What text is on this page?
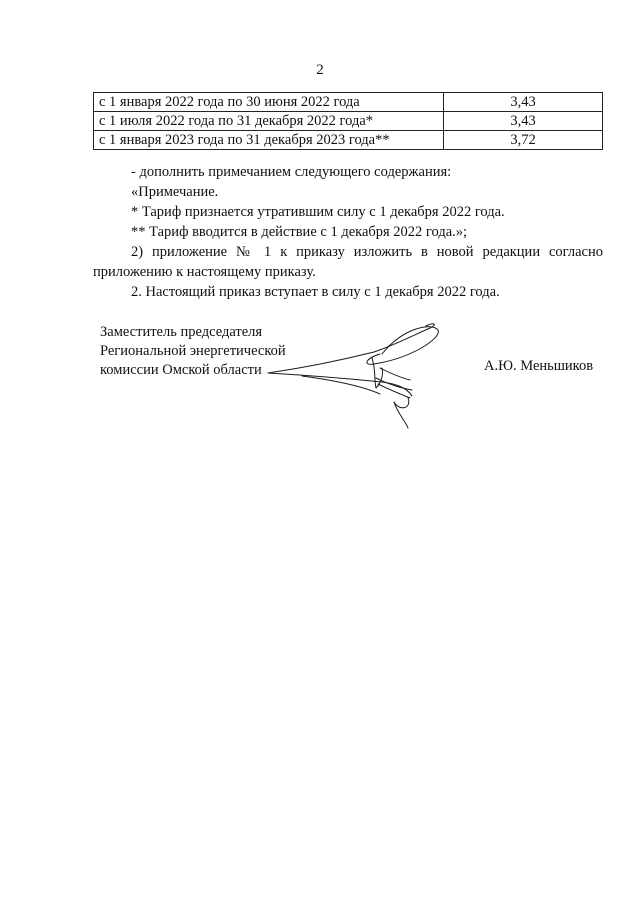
2
с 1 января 2022 года по 30 июня 2022 года	3,43
с 1 июля 2022 года по 31 декабря 2022 года*	3,43
с 1 января 2023 года по 31 декабря 2023 года**	3,72

- дополнить примечанием следующего содержания:

«Примечание.

* Тариф признается утратившим силу с 1 декабря 2022 года.

** Тариф вводится в действие с 1 декабря 2022 года.»;

2) приложение № 1 к приказу изложить в новой редакции согласно приложению к настоящему приказу.

2. Настоящий приказ вступает в силу с 1 декабря 2022 года.

Заместитель председателя
Региональной энергетической
комиссии Омской области	А.Ю. Меньшиков
